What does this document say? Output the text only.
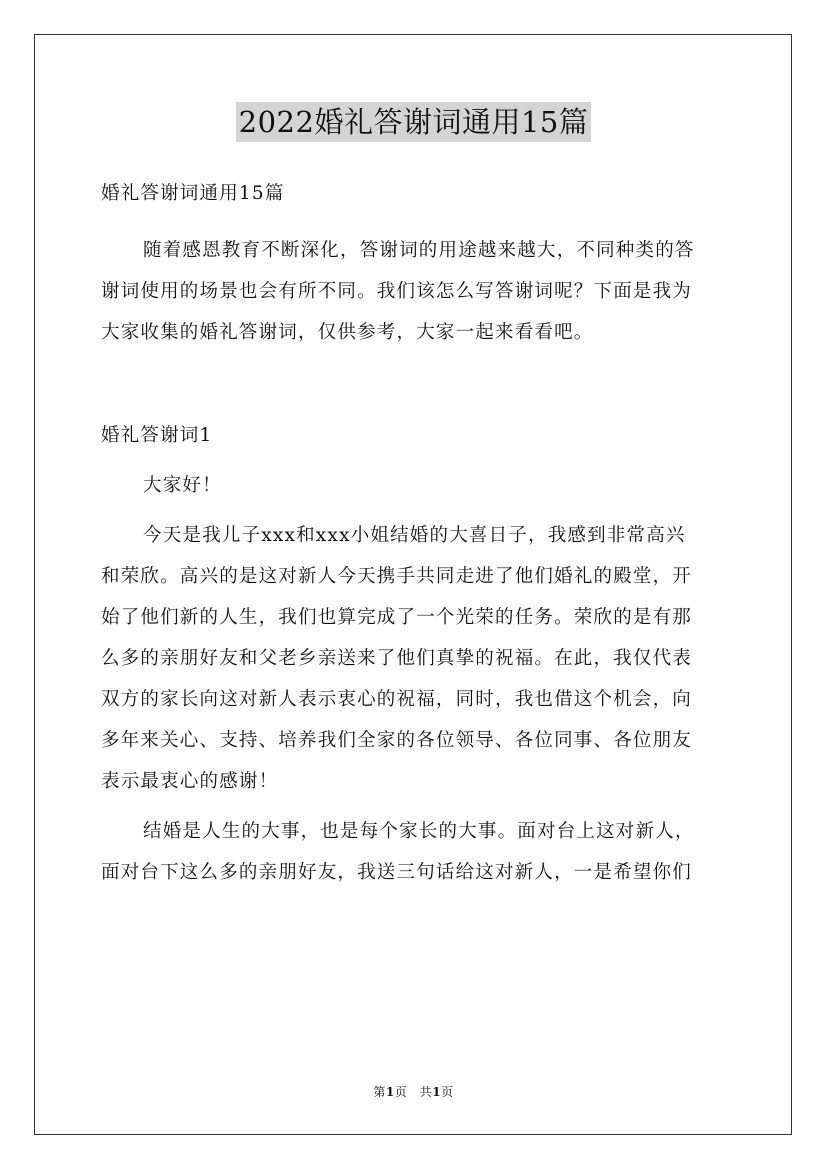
2022婚礼答谢词通用15篇
婚礼答谢词通用15篇
随着感恩教育不断深化，答谢词的用途越来越大，不同种类的答
谢词使用的场景也会有所不同。我们该怎么写答谢词呢？下面是我为
大家收集的婚礼答谢词，仅供参考，大家一起来看看吧。
婚礼答谢词1
大家好！
今天是我儿子xxx和xxx小姐结婚的大喜日子，我感到非常高兴
和荣欣。高兴的是这对新人今天携手共同走进了他们婚礼的殿堂，开
始了他们新的人生，我们也算完成了一个光荣的任务。荣欣的是有那
么多的亲朋好友和父老乡亲送来了他们真挚的祝福。在此，我仅代表
双方的家长向这对新人表示衷心的祝福，同时，我也借这个机会，向
多年来关心、支持、培养我们全家的各位领导、各位同事、各位朋友
表示最衷心的感谢！
结婚是人生的大事，也是每个家长的大事。面对台上这对新人，
面对台下这么多的亲朋好友，我送三句话给这对新人，一是希望你们
第1页　共1页
